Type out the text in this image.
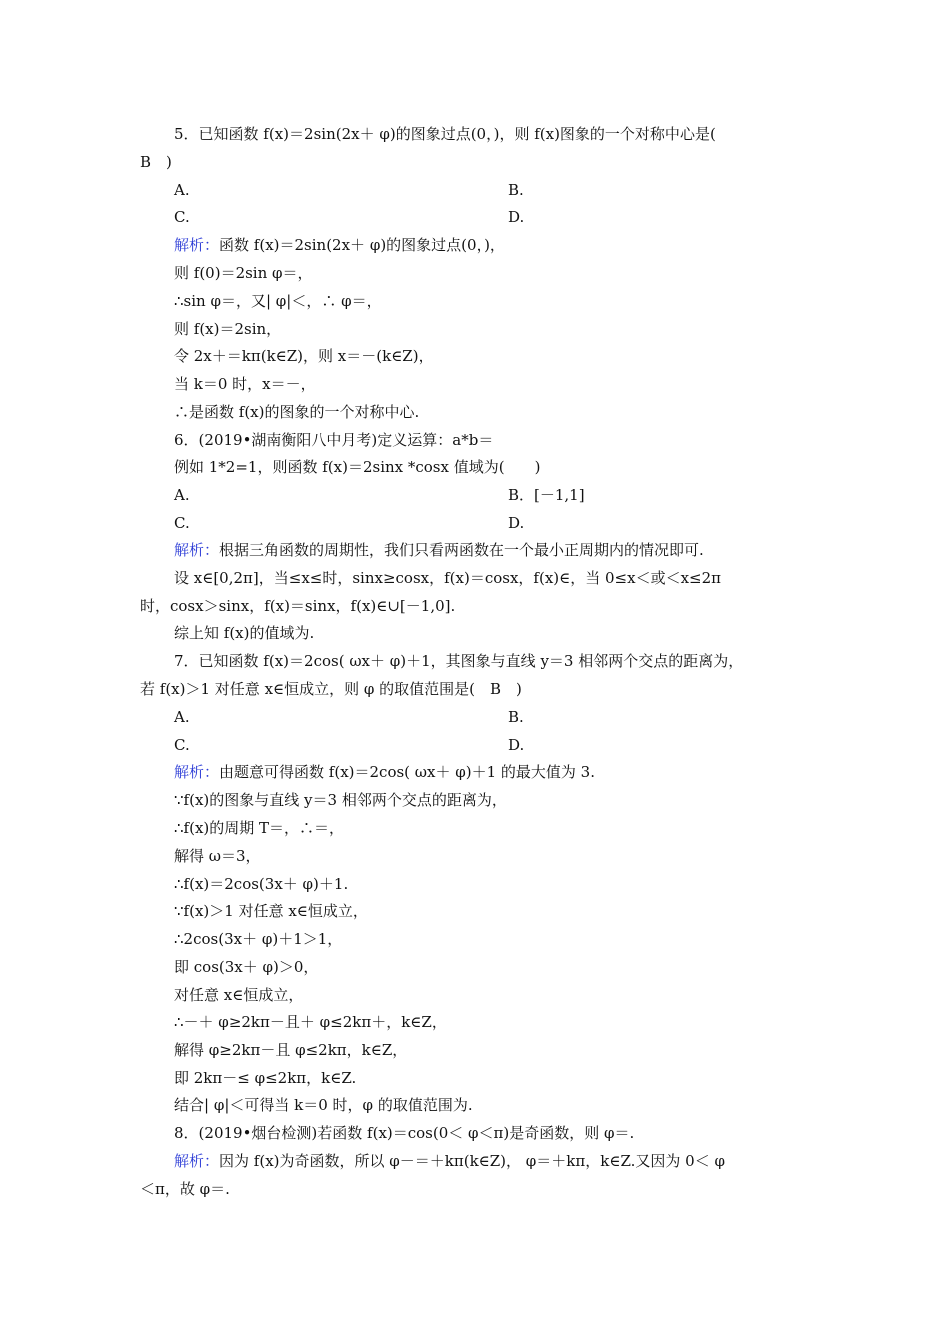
5．已知函数 f(x)＝2sin(2x＋ φ)的图象过点(0，)，则 f(x)图象的一个对称中心是(
B　)
A.	B.
C.	D.
解析：函数 f(x)＝2sin(2x＋ φ)的图象过点(0，)，
则 f(0)＝2sin φ＝，
∴sin φ＝，又| φ|＜，∴ φ＝，
则 f(x)＝2sin，
令 2x＋＝kπ(k∈Z)，则 x＝－(k∈Z)，
当 k＝0 时，x＝－，
∴是函数 f(x)的图象的一个对称中心.
6．(2019•湖南衡阳八中月考)定义运算：a*b＝
例如 1*2=1，则函数 f(x)＝2sinx *cosx 值域为(　　)
A.	B．[－1,1]
C.	D.
解析：根据三角函数的周期性，我们只看两函数在一个最小正周期内的情况即可.
设 x∈[0,2π]，当≤x≤时，sinx≥cosx，f(x)＝cosx，f(x)∈，当 0≤x＜或＜x≤2π
时，cosx＞sinx，f(x)＝sinx，f(x)∈∪[－1,0].
综上知 f(x)的值域为.
7．已知函数 f(x)＝2cos( ωx＋ φ)＋1，其图象与直线 y＝3 相邻两个交点的距离为，
若 f(x)＞1 对任意 x∈恒成立，则 φ 的取值范围是(　B　)
A.	B.
C.	D.
解析：由题意可得函数 f(x)＝2cos( ωx＋ φ)＋1 的最大值为 3.
∵f(x)的图象与直线 y＝3 相邻两个交点的距离为，
∴f(x)的周期 T＝，∴＝，
解得 ω＝3，
∴f(x)＝2cos(3x＋ φ)＋1.
∵f(x)＞1 对任意 x∈恒成立，
∴2cos(3x＋ φ)＋1＞1，
即 cos(3x＋ φ)＞0，
对任意 x∈恒成立，
∴－＋ φ≥2kπ－且＋ φ≤2kπ＋，k∈Z，
解得 φ≥2kπ－且 φ≤2kπ，k∈Z，
即 2kπ－≤ φ≤2kπ，k∈Z.
结合| φ|＜可得当 k＝0 时，φ 的取值范围为.
8．(2019•烟台检测)若函数 f(x)＝cos(0＜ φ＜π)是奇函数，则 φ＝.
解析：因为 f(x)为奇函数，所以 φ－＝＋kπ(k∈Z)， φ＝＋kπ，k∈Z.又因为 0＜ φ
＜π，故 φ＝.
